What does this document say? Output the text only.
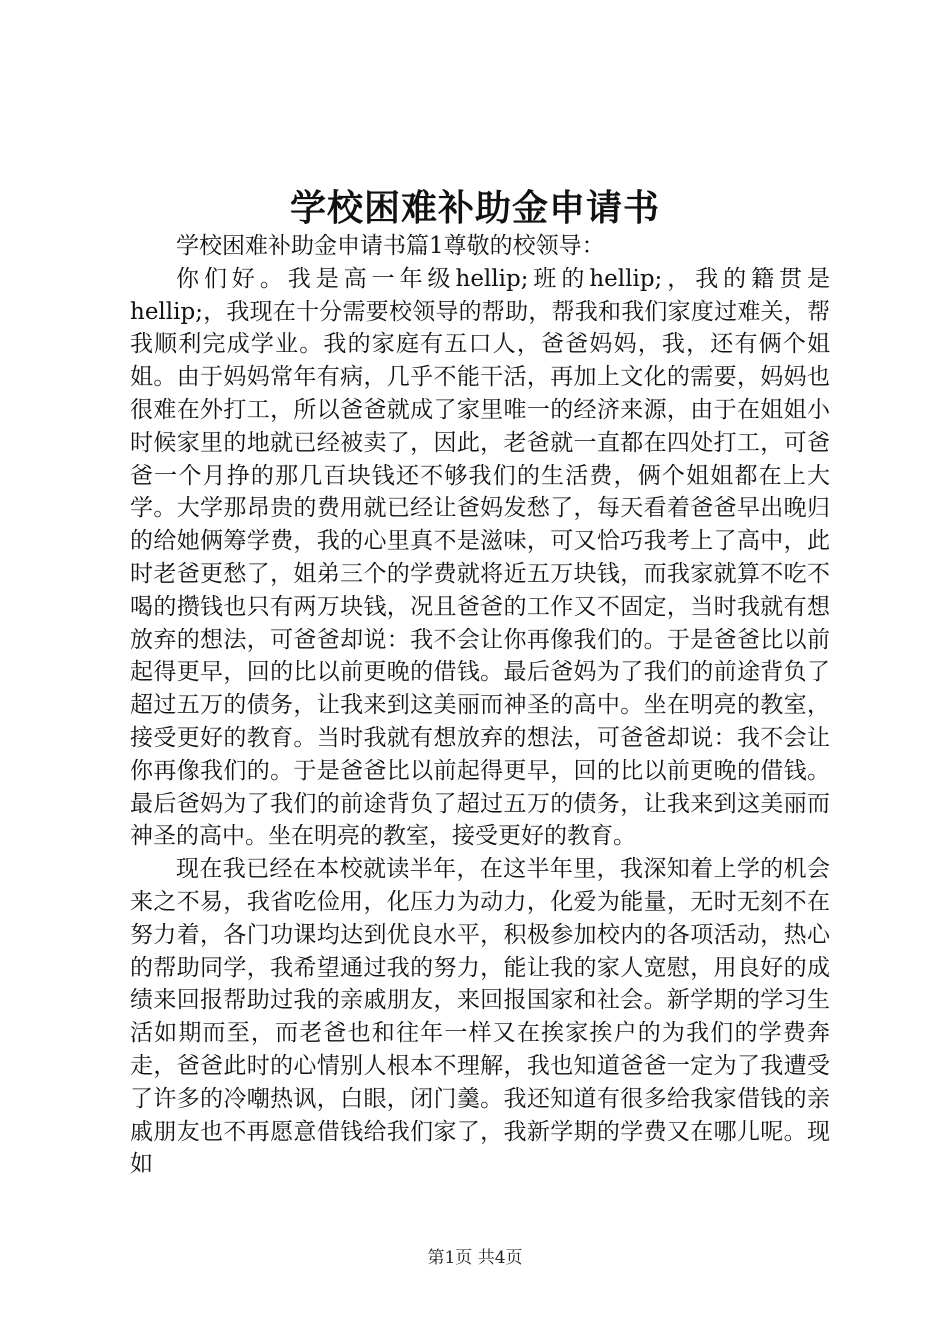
学校困难补助金申请书

学校困难补助金申请书篇1尊敬的校领导：

你们好。我是高一年级hellip;班的hellip;，我的籍贯是hellip;，我现在十分需要校领导的帮助，帮我和我们家度过难关，帮我顺利完成学业。我的家庭有五口人，爸爸妈妈，我，还有俩个姐姐。由于妈妈常年有病，几乎不能干活，再加上文化的需要，妈妈也很难在外打工，所以爸爸就成了家里唯一的经济来源，由于在姐姐小时候家里的地就已经被卖了，因此，老爸就一直都在四处打工，可爸爸一个月挣的那几百块钱还不够我们的生活费，俩个姐姐都在上大学。大学那昂贵的费用就已经让爸妈发愁了，每天看着爸爸早出晚归的给她俩筹学费，我的心里真不是滋味，可又恰巧我考上了高中，此时老爸更愁了，姐弟三个的学费就将近五万块钱，而我家就算不吃不喝的攒钱也只有两万块钱，况且爸爸的工作又不固定，当时我就有想放弃的想法，可爸爸却说：我不会让你再像我们的。于是爸爸比以前起得更早，回的比以前更晚的借钱。最后爸妈为了我们的前途背负了超过五万的债务，让我来到这美丽而神圣的高中。坐在明亮的教室，接受更好的教育。当时我就有想放弃的想法，可爸爸却说：我不会让你再像我们的。于是爸爸比以前起得更早，回的比以前更晚的借钱。最后爸妈为了我们的前途背负了超过五万的债务，让我来到这美丽而神圣的高中。坐在明亮的教室，接受更好的教育。

现在我已经在本校就读半年，在这半年里，我深知着上学的机会来之不易，我省吃俭用，化压力为动力，化爱为能量，无时无刻不在努力着，各门功课均达到优良水平，积极参加校内的各项活动，热心的帮助同学，我希望通过我的努力，能让我的家人宽慰，用良好的成绩来回报帮助过我的亲戚朋友，来回报国家和社会。新学期的学习生活如期而至，而老爸也和往年一样又在挨家挨户的为我们的学费奔走，爸爸此时的心情别人根本不理解，我也知道爸爸一定为了我遭受了许多的冷嘲热讽，白眼，闭门羹。我还知道有很多给我家借钱的亲戚朋友也不再愿意借钱给我们家了，我新学期的学费又在哪儿呢。现如

第1页 共4页
